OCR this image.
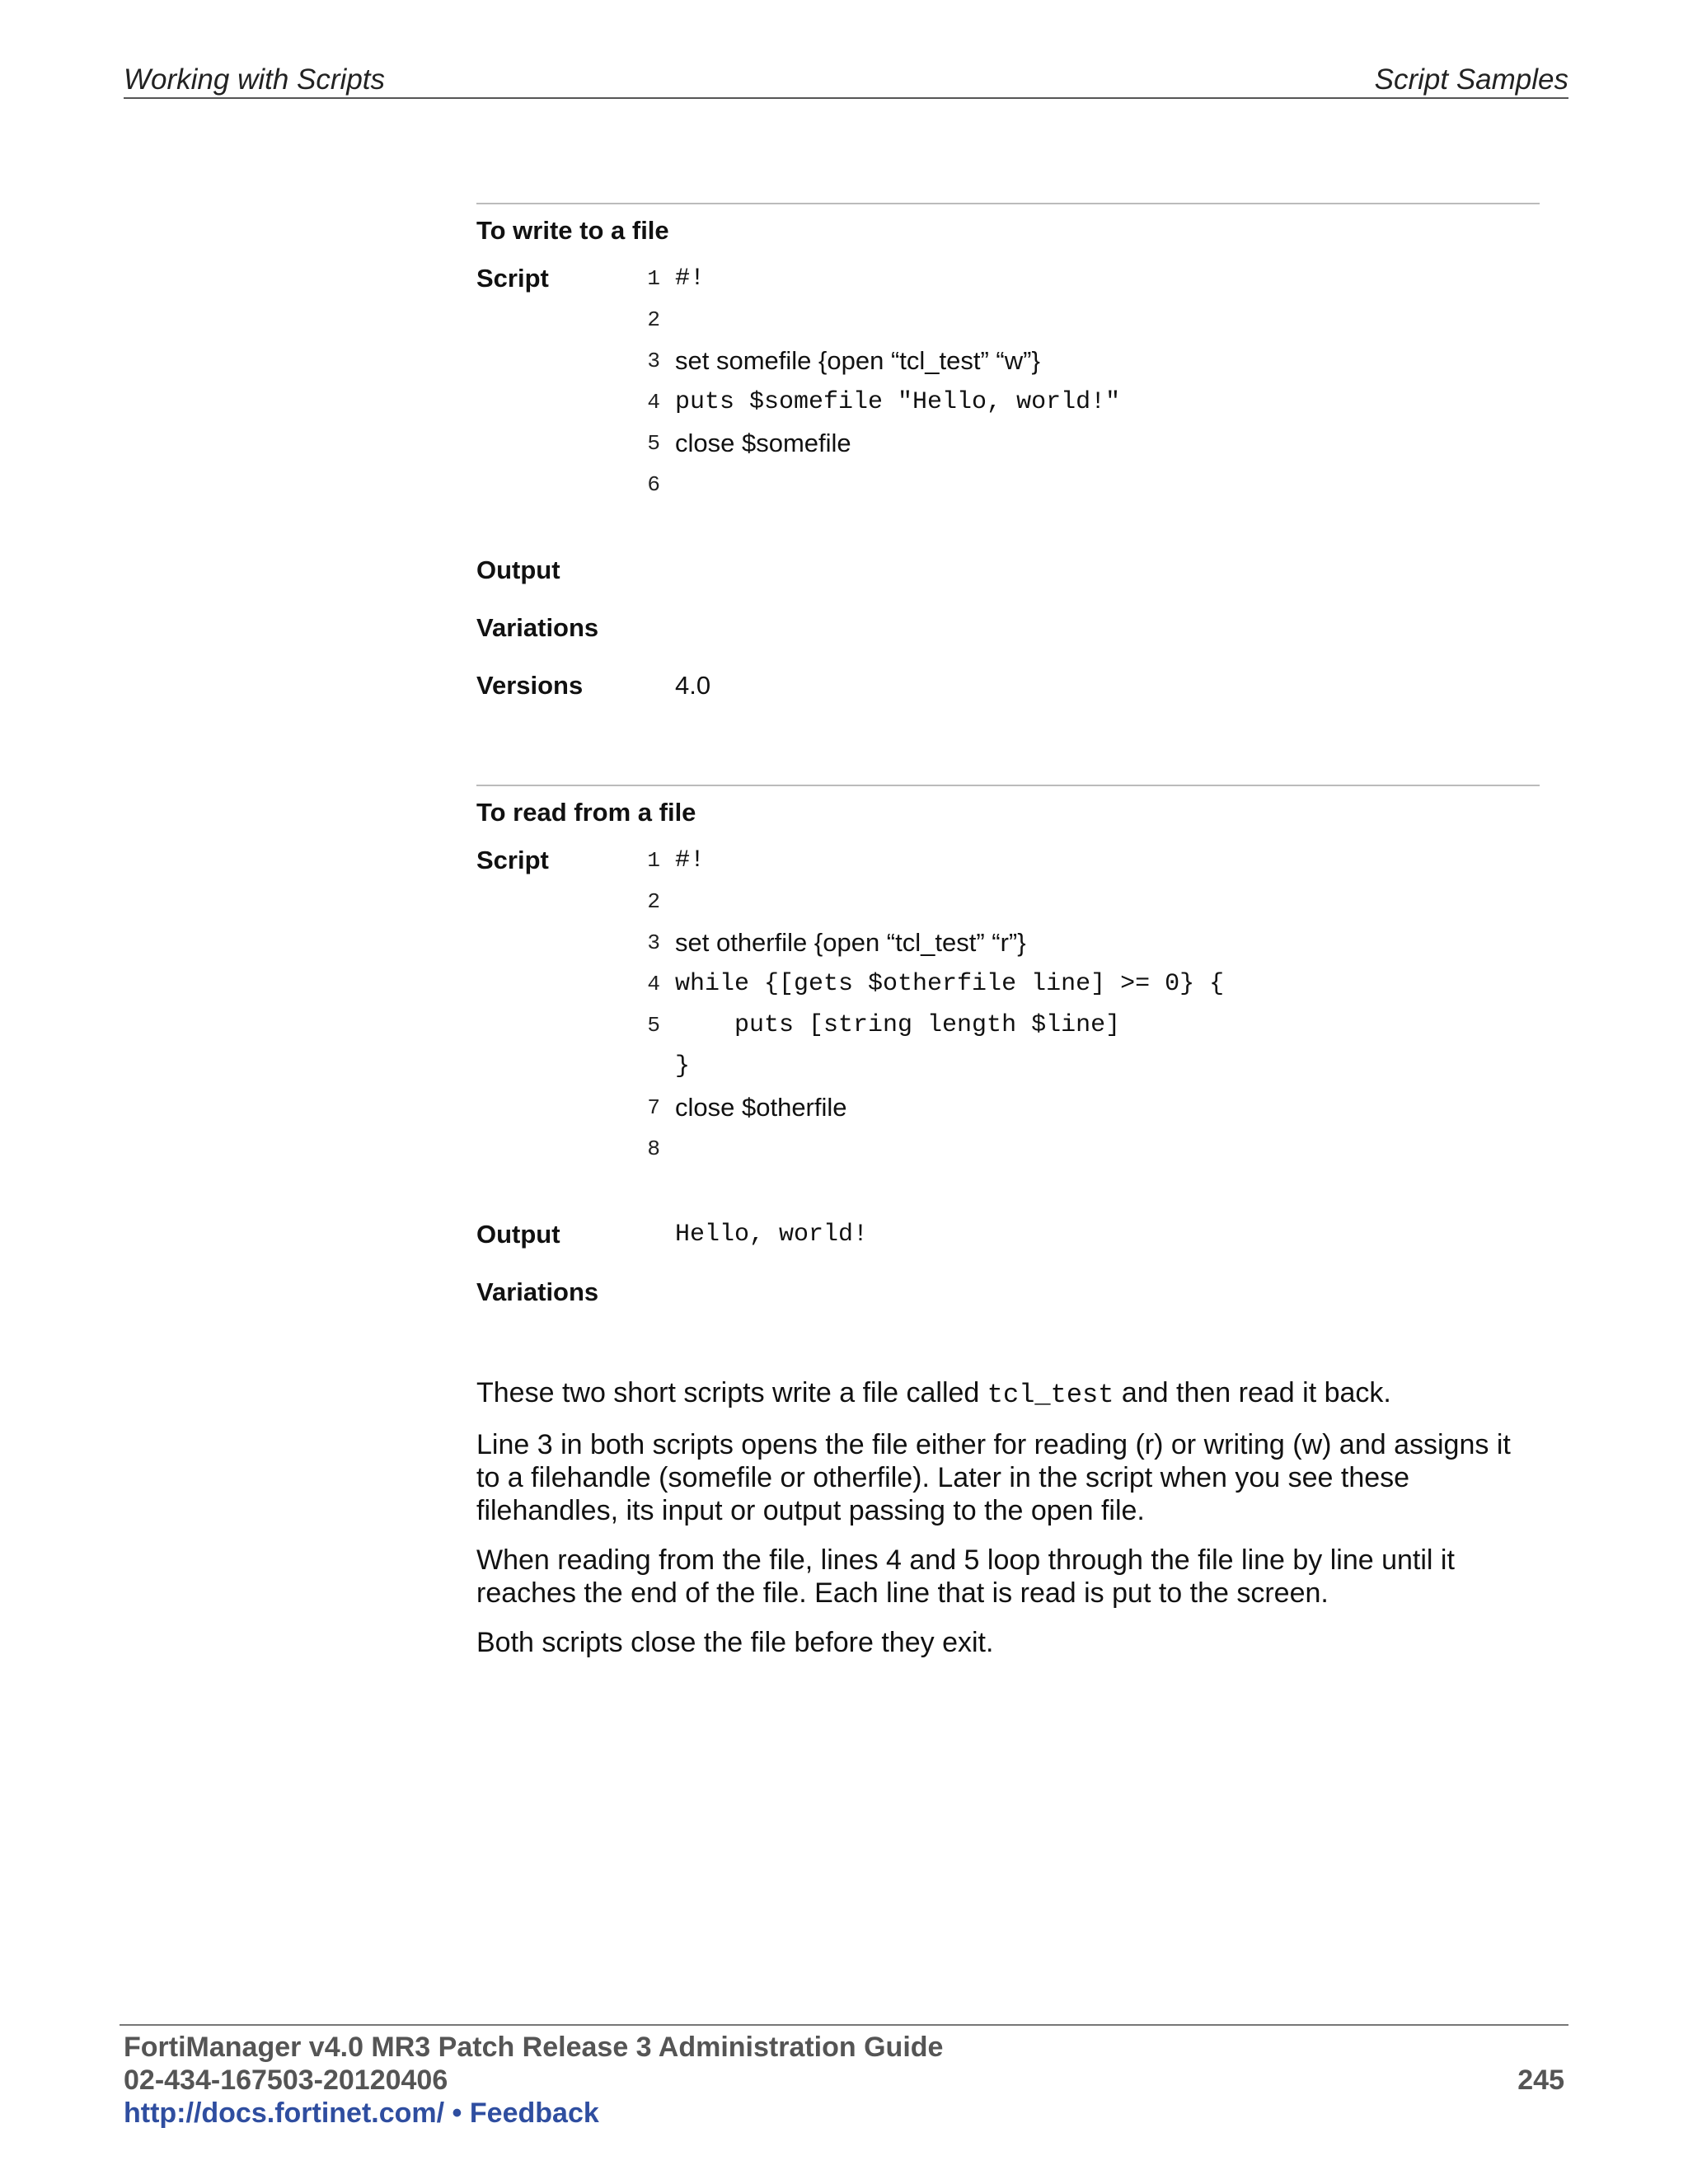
Working with Scripts	Script Samples
To write to a file
Script	1 #!
2
3 set somefile {open “tcl_test” “w”}
4 puts $somefile "Hello, world!"
5 close $somefile
6
Output
Variations
Versions	4.0
To read from a file
Script	1 #!
2
3 set otherfile {open “tcl_test” “r”}
4 while {[gets $otherfile line] >= 0} {
5 puts [string length $line]
}
7 close $otherfile
8
Output	Hello, world!
Variations

These two short scripts write a file called tcl_test and then read it back.

Line 3 in both scripts opens the file either for reading (r) or writing (w) and assigns it to a filehandle (somefile or otherfile). Later in the script when you see these filehandles, its input or output passing to the open file.

When reading from the file, lines 4 and 5 loop through the file line by line until it reaches the end of the file. Each line that is read is put to the screen.

Both scripts close the file before they exit.

FortiManager v4.0 MR3 Patch Release 3 Administration Guide
02-434-167503-20120406	245
http://docs.fortinet.com/ • Feedback
